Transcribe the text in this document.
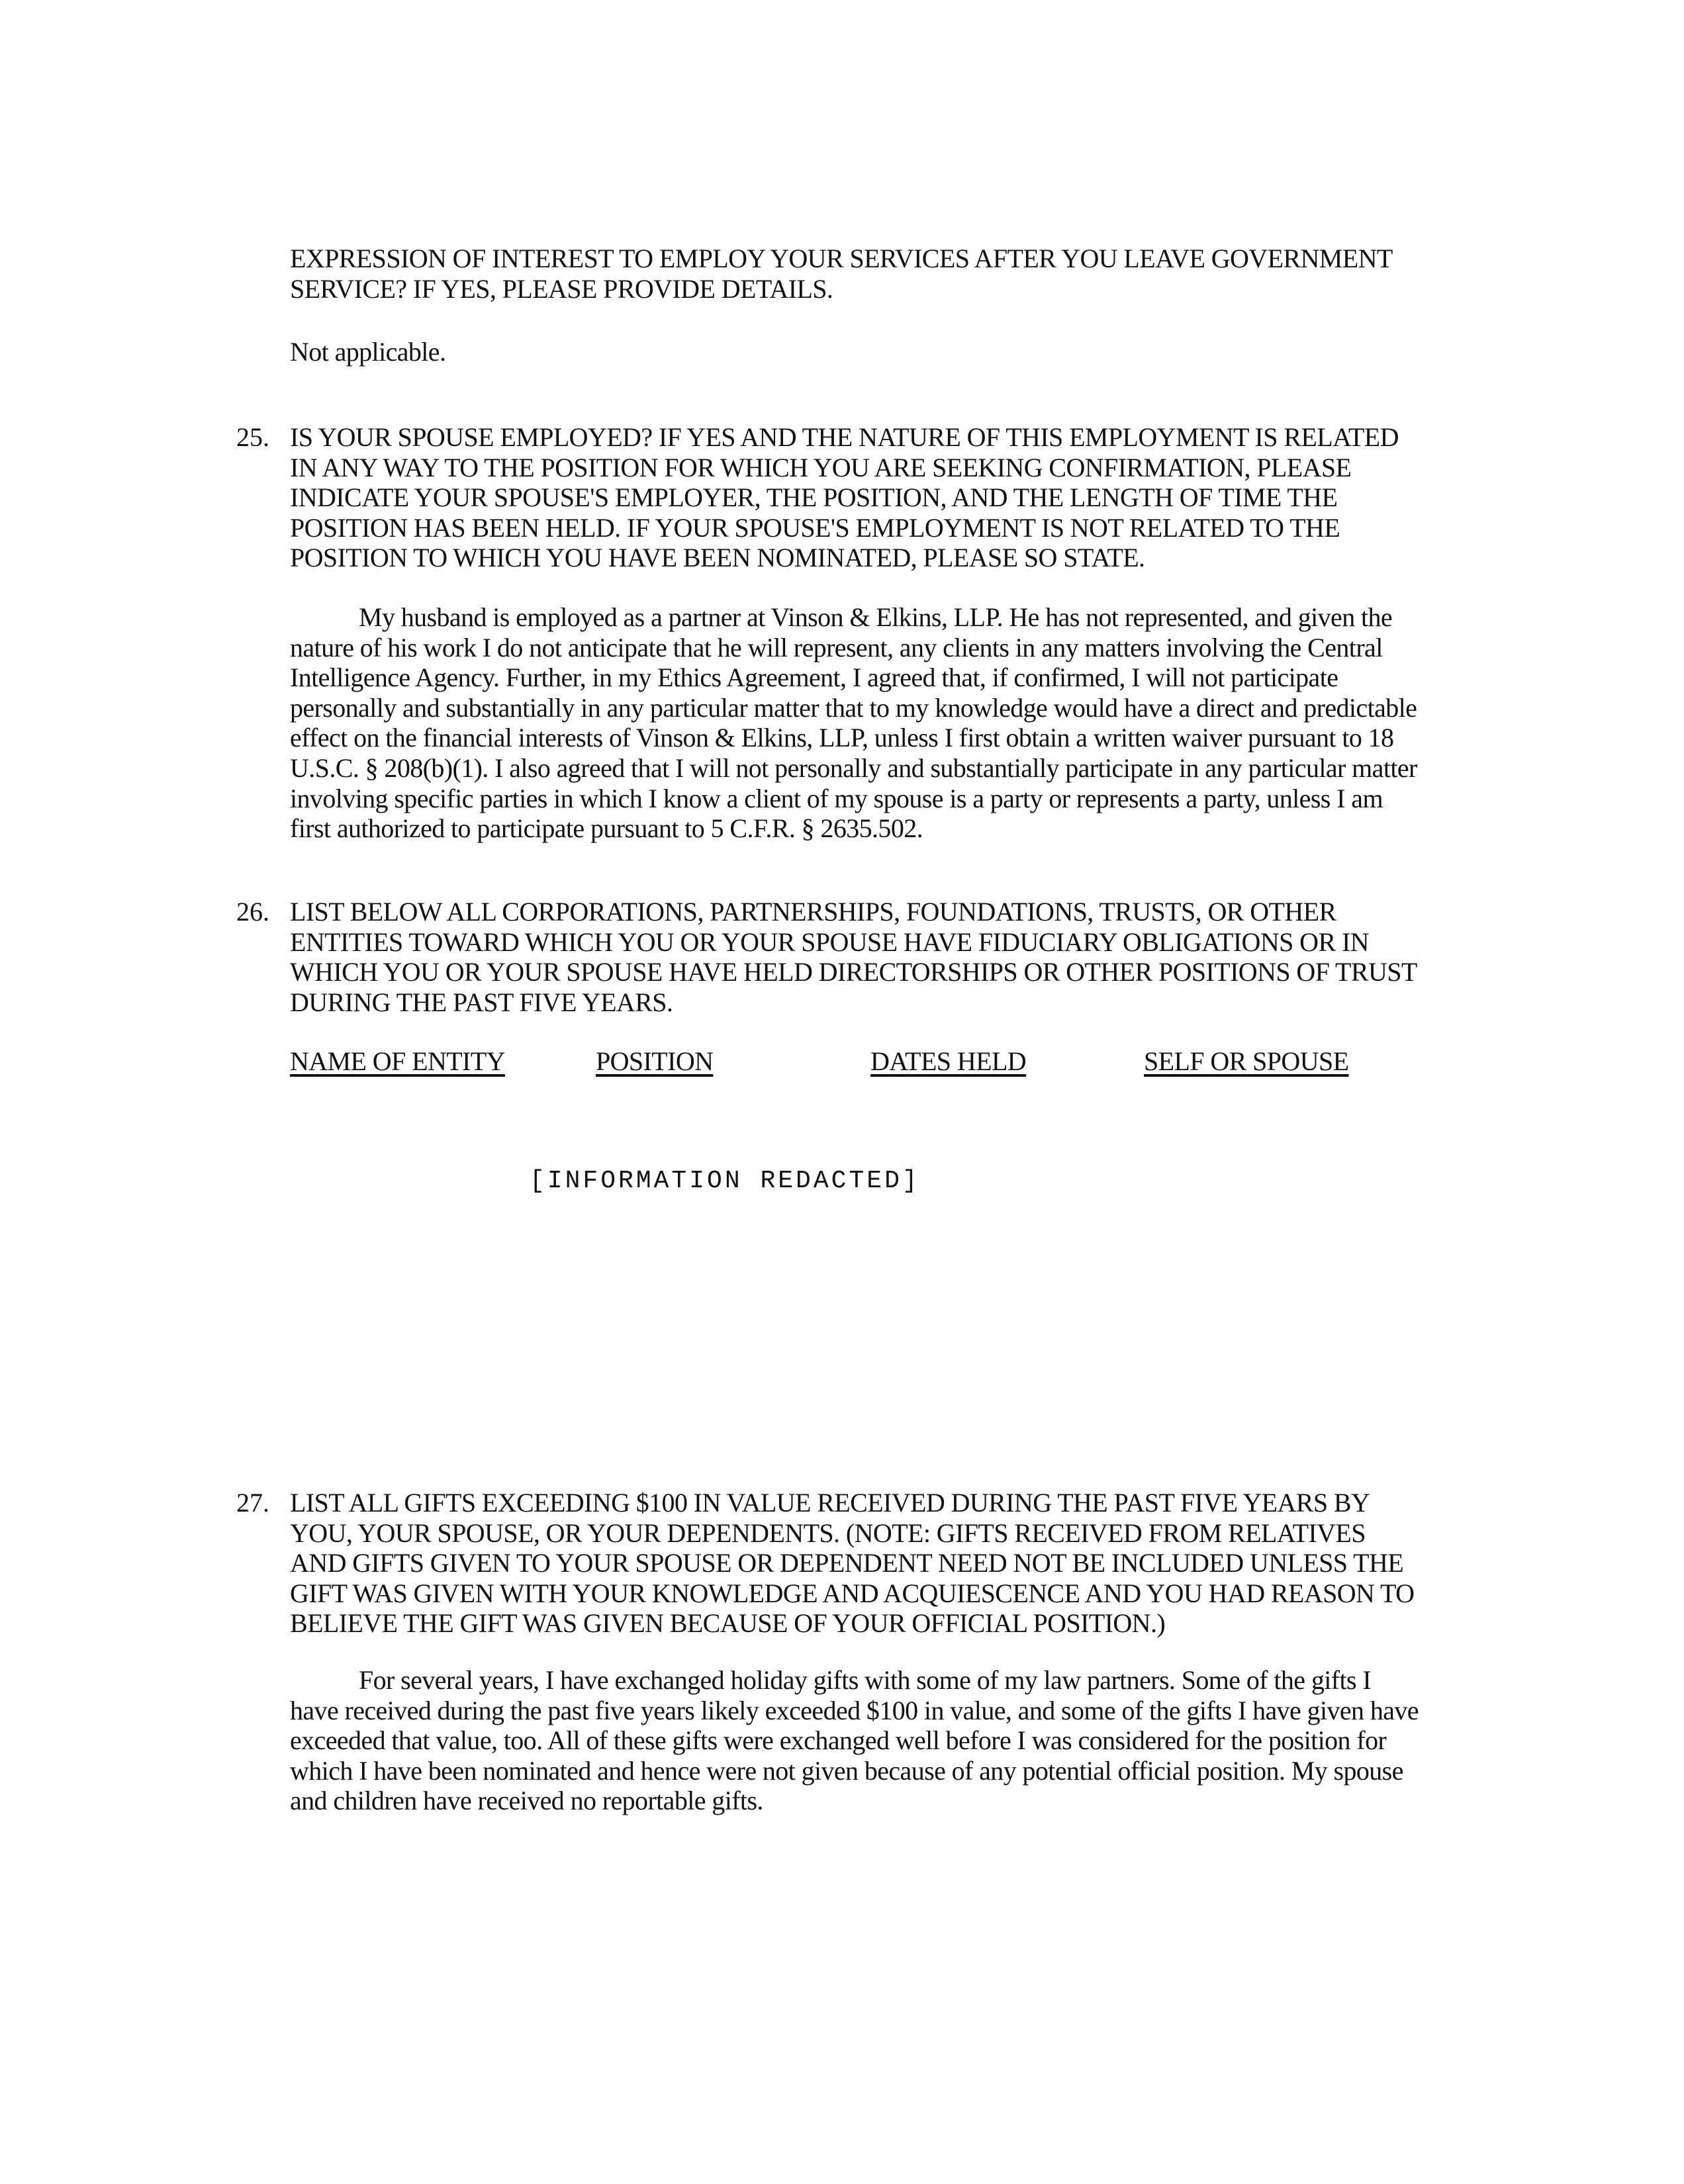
EXPRESSION OF INTEREST TO EMPLOY YOUR SERVICES AFTER YOU LEAVE GOVERNMENT
SERVICE? IF YES, PLEASE PROVIDE DETAILS.
Not applicable.
25. IS YOUR SPOUSE EMPLOYED? IF YES AND THE NATURE OF THIS EMPLOYMENT IS RELATED
IN ANY WAY TO THE POSITION FOR WHICH YOU ARE SEEKING CONFIRMATION, PLEASE
INDICATE YOUR SPOUSE'S EMPLOYER, THE POSITION, AND THE LENGTH OF TIME THE
POSITION HAS BEEN HELD. IF YOUR SPOUSE'S EMPLOYMENT IS NOT RELATED TO THE
POSITION TO WHICH YOU HAVE BEEN NOMINATED, PLEASE SO STATE.
My husband is employed as a partner at Vinson & Elkins, LLP. He has not represented, and given the
nature of his work I do not anticipate that he will represent, any clients in any matters involving the Central
Intelligence Agency. Further, in my Ethics Agreement, I agreed that, if confirmed, I will not participate
personally and substantially in any particular matter that to my knowledge would have a direct and predictable
effect on the financial interests of Vinson & Elkins, LLP, unless I first obtain a written waiver pursuant to 18
U.S.C. § 208(b)(1). I also agreed that I will not personally and substantially participate in any particular matter
involving specific parties in which I know a client of my spouse is a party or represents a party, unless I am
first authorized to participate pursuant to 5 C.F.R. § 2635.502.
26. LIST BELOW ALL CORPORATIONS, PARTNERSHIPS, FOUNDATIONS, TRUSTS, OR OTHER
ENTITIES TOWARD WHICH YOU OR YOUR SPOUSE HAVE FIDUCIARY OBLIGATIONS OR IN
WHICH YOU OR YOUR SPOUSE HAVE HELD DIRECTORSHIPS OR OTHER POSITIONS OF TRUST
DURING THE PAST FIVE YEARS.
NAME OF ENTITY	POSITION	DATES HELD	SELF OR SPOUSE
[INFORMATION REDACTED]
27. LIST ALL GIFTS EXCEEDING $100 IN VALUE RECEIVED DURING THE PAST FIVE YEARS BY
YOU, YOUR SPOUSE, OR YOUR DEPENDENTS. (NOTE: GIFTS RECEIVED FROM RELATIVES
AND GIFTS GIVEN TO YOUR SPOUSE OR DEPENDENT NEED NOT BE INCLUDED UNLESS THE
GIFT WAS GIVEN WITH YOUR KNOWLEDGE AND ACQUIESCENCE AND YOU HAD REASON TO
BELIEVE THE GIFT WAS GIVEN BECAUSE OF YOUR OFFICIAL POSITION.)
For several years, I have exchanged holiday gifts with some of my law partners. Some of the gifts I
have received during the past five years likely exceeded $100 in value, and some of the gifts I have given have
exceeded that value, too. All of these gifts were exchanged well before I was considered for the position for
which I have been nominated and hence were not given because of any potential official position. My spouse
and children have received no reportable gifts.
